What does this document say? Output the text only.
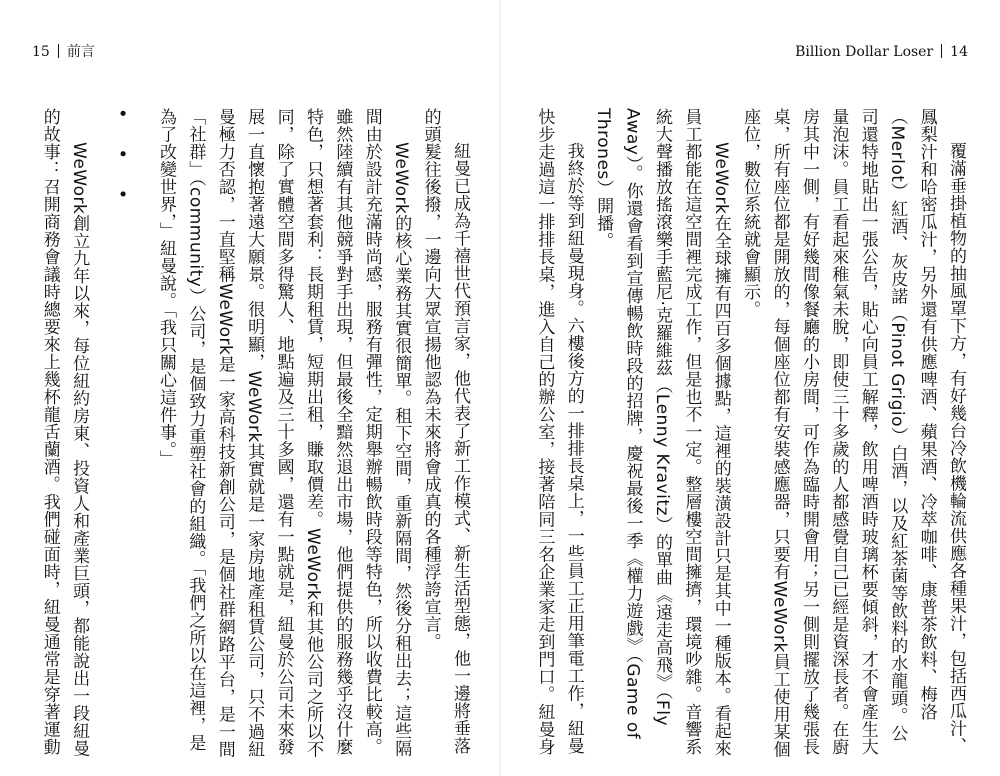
15 前言	Billion Dollar Loser 14

紐曼已成為千禧世代預言家，他代表了新工作模式、新生活型態，他一邊將垂落的頭髮往後撥，一邊向大眾宣揚他認為未來將會成真的各種浮誇宣言。

WeWork的核心業務其實很簡單。租下空間，重新隔間，然後分租出去；這些隔間由於設計充滿時尚感，服務有彈性，定期舉辦暢飲時段等特色，所以收費比較高。雖然陸續有其他競爭對手出現，但最後全黯然退出市場，他們提供的服務幾乎沒什麼特色，只想著套利：長期租賃，短期出租，賺取價差。WeWork和其他公司之所以不同，除了實體空間多得驚人、地點遍及三十多國，還有一點就是，紐曼於公司未來發展一直懷抱著遠大願景。很明顯，WeWork其實就是一家房地產租賃公司，只不過紐曼極力否認，一直堅稱WeWork是一家高科技新創公司，是個社群網路平台，是一間「社群」（community）公司，是個致力重塑社會的組織。「我們之所以在這裡，是為了改變世界，」紐曼說。「我只關心這件事。」

• • •

WeWork創立九年以來，每位紐約房東、投資人和產業巨頭，都能說出一段紐曼的故事：召開商務會議時總要來上幾杯龍舌蘭酒。我們碰面時，紐曼通常是穿著運動	覆滿垂掛植物的抽風罩下方，有好幾台冷飲機輪流供應各種果汁，包括西瓜汁、鳳梨汁和哈密瓜汁，另外還有供應啤酒、蘋果酒、冷萃咖啡、康普茶飲料、梅洛（Merlot）紅酒、灰皮諾（Pinot Grigio）白酒，以及紅茶菌等飲料的水龍頭。公司還特地貼出一張公告，貼心向員工解釋，飲用啤酒時玻璃杯要傾斜，才不會產生大量泡沫。員工看起來稚氣未脫，即使三十多歲的人都感覺自己已經是資深長者。在廚房其中一側，有好幾間像餐廳的小房間，可作為臨時開會用；另一側則擺放了幾張長桌，所有座位都是開放的，每個座位都有安裝感應器，只要有WeWork員工使用某個座位，數位系統就會顯示。

WeWork在全球擁有四百多個據點，這裡的裝潢設計只是其中一種版本。看起來員工都能在這空間裡完成工作，但是也不一定。整層樓空間擁擠，環境吵雜。音響系統大聲播放搖滾樂手藍尼·克羅維茲（Lenny Kravitz）的單曲《遠走高飛》（Fly Away）。你還會看到宣傳暢飲時段的招牌，慶祝最後一季《權力遊戲》（Game of Thrones）開播。

我終於等到紐曼現身。六樓後方的一排排長桌上，一些員工正用筆電工作，紐曼快步走過這一排排長桌，進入自己的辦公室，接著陪同三名企業家走到門口。紐曼身
